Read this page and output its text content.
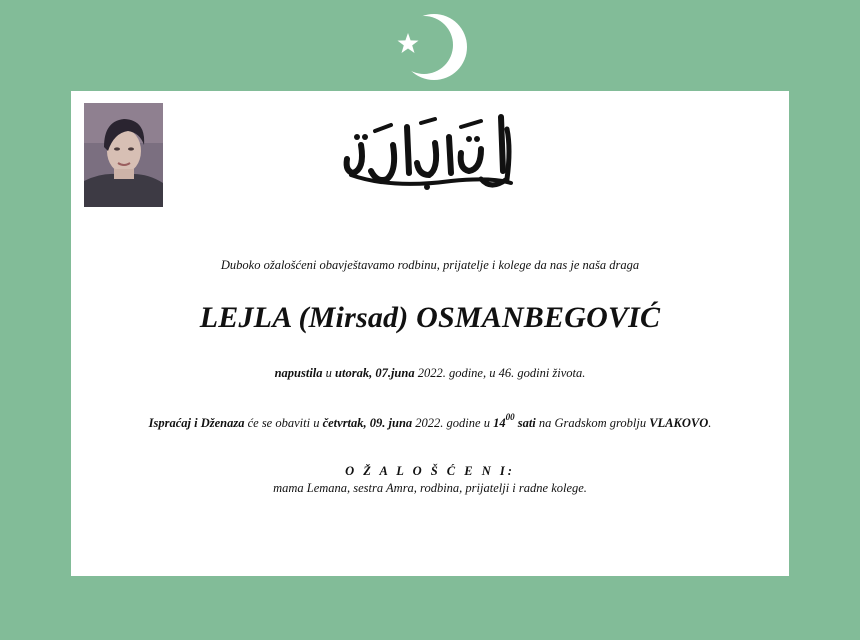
Duboko ožalošćeni obavještavamo rodbinu, prijatelje i kolege da nas je naša draga
LEJLA (Mirsad) OSMANBEGOVIĆ
napustila u utorak, 07.juna 2022. godine, u 46. godini života.
Ispraćaj i Dženaza će se obaviti u četvrtak, 09. juna 2022. godine u $14^{00}$ sati na Gradskom groblju VLAKOVO.
O Ž A L O Š Ć E N I:
mama Lemana, sestra Amra, rodbina, prijatelji i radne kolege.
